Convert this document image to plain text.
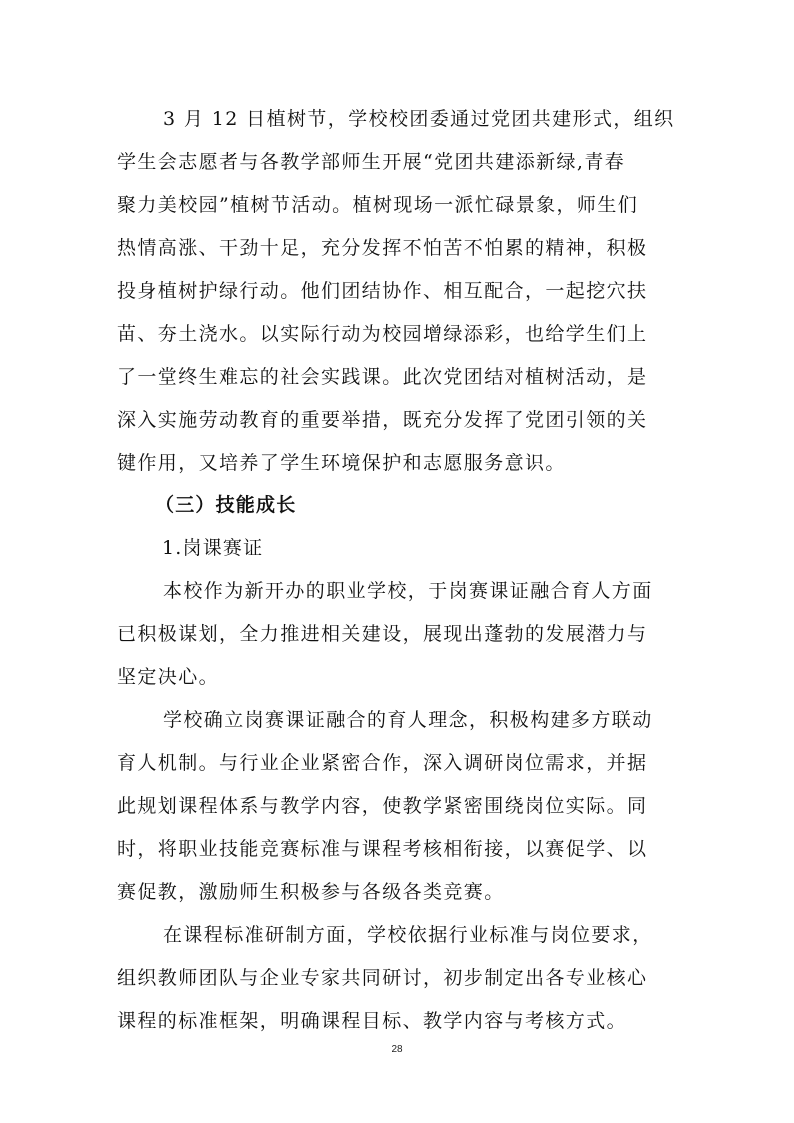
3 月 12 日植树节，学校校团委通过党团共建形式，组织
学生会志愿者与各教学部师生开展“党团共建添新绿,青春
聚力美校园”植树节活动。植树现场一派忙碌景象，师生们
热情高涨、干劲十足，充分发挥不怕苦不怕累的精神，积极
投身植树护绿行动。他们团结协作、相互配合，一起挖穴扶
苗、夯土浇水。以实际行动为校园增绿添彩，也给学生们上
了一堂终生难忘的社会实践课。此次党团结对植树活动，是
深入实施劳动教育的重要举措，既充分发挥了党团引领的关
键作用，又培养了学生环境保护和志愿服务意识。
（三）技能成长
1.岗课赛证
本校作为新开办的职业学校，于岗赛课证融合育人方面
已积极谋划，全力推进相关建设，展现出蓬勃的发展潜力与
坚定决心。
学校确立岗赛课证融合的育人理念，积极构建多方联动
育人机制。与行业企业紧密合作，深入调研岗位需求，并据
此规划课程体系与教学内容，使教学紧密围绕岗位实际。同
时，将职业技能竞赛标准与课程考核相衔接，以赛促学、以
赛促教，激励师生积极参与各级各类竞赛。
在课程标准研制方面，学校依据行业标准与岗位要求，
组织教师团队与企业专家共同研讨，初步制定出各专业核心
课程的标准框架，明确课程目标、教学内容与考核方式。
28
